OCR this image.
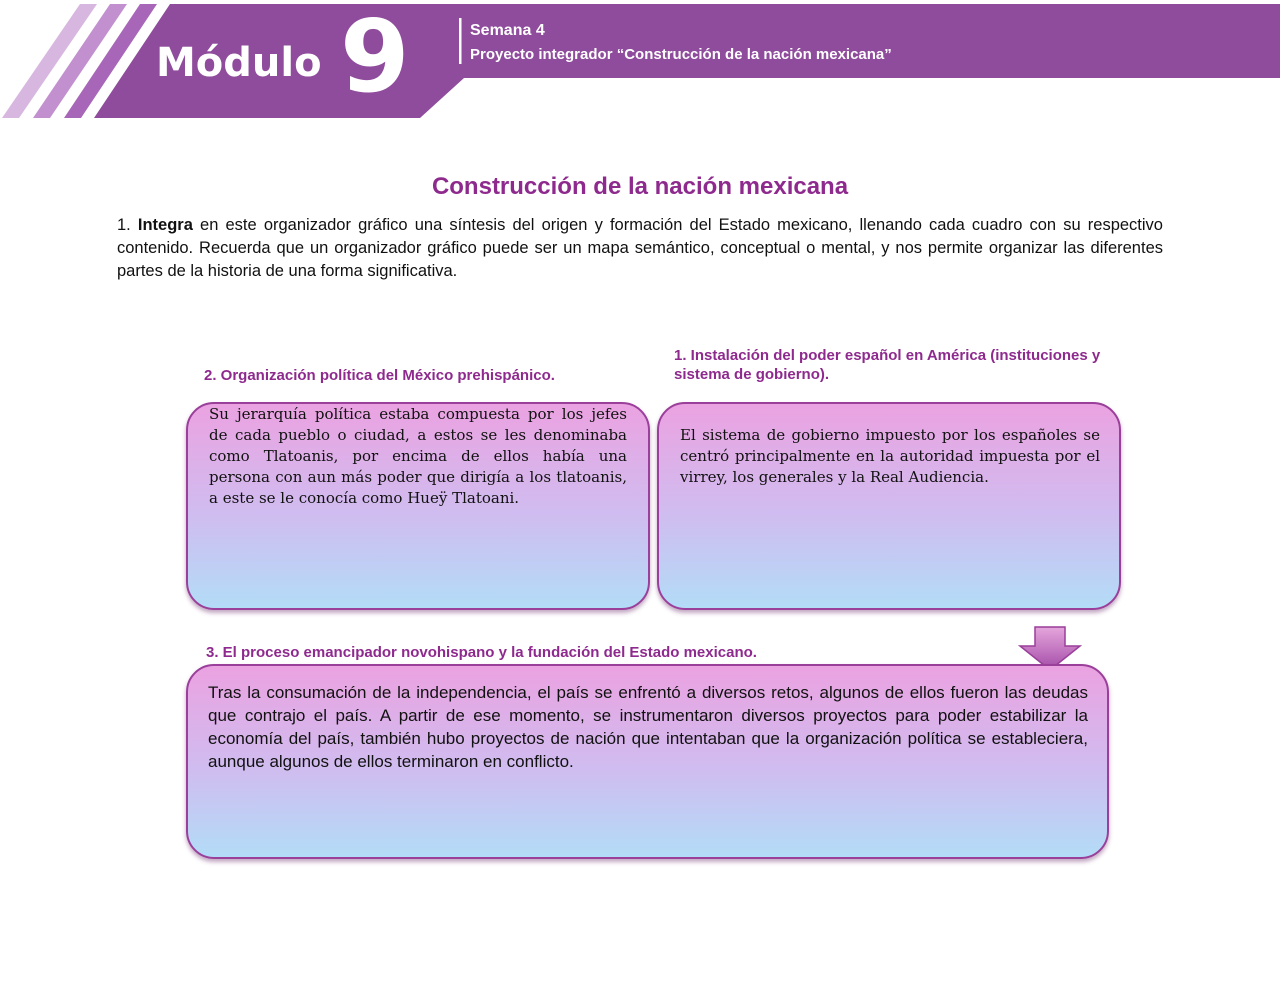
Módulo 9	Semana 4
Proyecto integrador “Construcción de la nación mexicana”
Construcción de la nación mexicana
1. Integra en este organizador gráfico una síntesis del origen y formación del Estado mexicano, llenando cada cuadro con su respectivo contenido. Recuerda que un organizador gráfico puede ser un mapa semántico, conceptual o mental, y nos permite organizar las diferentes partes de la historia de una forma significativa.
2. Organización política del México prehispánico.
Su jerarquía política estaba compuesta por los jefes de cada pueblo o ciudad, a estos se les denominaba como Tlatoanis, por encima de ellos había una persona con aun más poder que dirigía a los tlatoanis, a este se le conocía como Hueÿ Tlatoani.
1. Instalación del poder español en América (instituciones y sistema de gobierno).
El sistema de gobierno impuesto por los españoles se centró principalmente en la autoridad impuesta por el virrey, los generales y la Real Audiencia.
3. El proceso emancipador novohispano y la fundación del Estado mexicano.
Tras la consumación de la independencia, el país se enfrentó a diversos retos, algunos de ellos fueron las deudas que contrajo el país. A partir de ese momento, se instrumentaron diversos proyectos para poder estabilizar la economía del país, también hubo proyectos de nación que intentaban que la organización política se estableciera, aunque algunos de ellos terminaron en conflicto.
